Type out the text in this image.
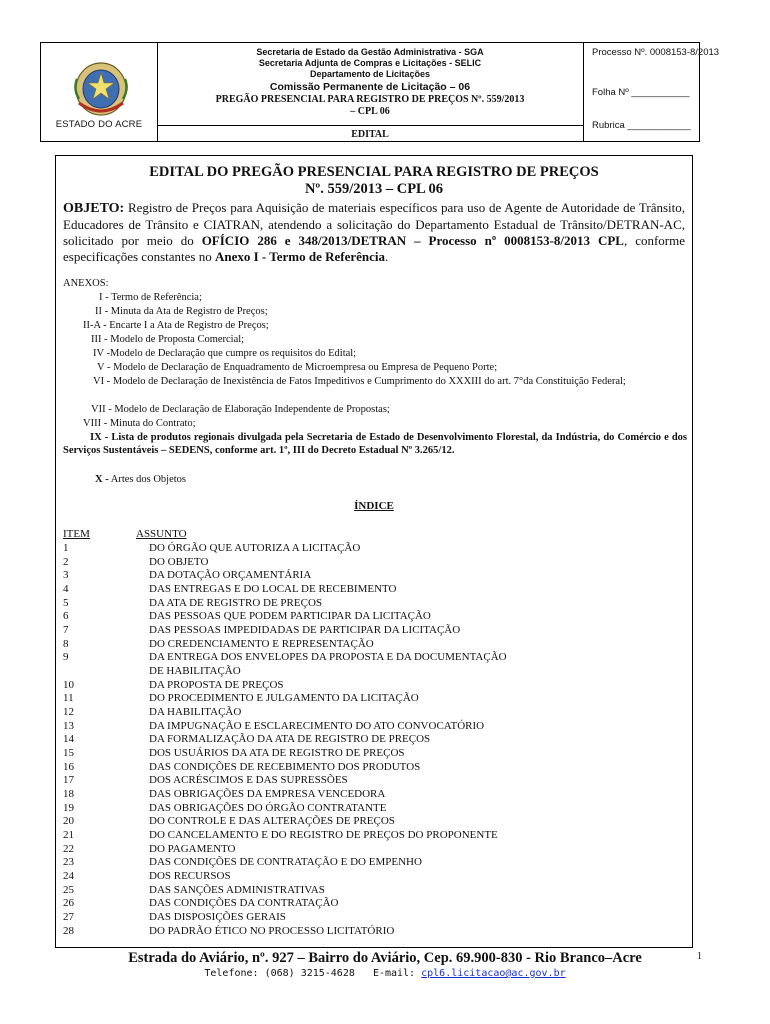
ESTADO DO ACRE
Secretaria de Estado da Gestão Administrativa - SGA
Secretaria Adjunta de Compras e Licitações - SELIC
Departamento de Licitações
Comissão Permanente de Licitação – 06
PREGÃO PRESENCIAL PARA REGISTRO DE PREÇOS Nº. 559/2013
– CPL 06
EDITAL
Processo Nº. 0008153-8/2013
Folha Nº ___________
Rubrica ____________
EDITAL DO PREGÃO PRESENCIAL PARA REGISTRO DE PREÇOS
Nº. 559/2013 – CPL 06
OBJETO: Registro de Preços para Aquisição de materiais específicos para uso de Agente de Autoridade de Trânsito, Educadores de Trânsito e CIATRAN, atendendo a solicitação do Departamento Estadual de Trânsito/DETRAN-AC, solicitado por meio do OFÍCIO 286 e 348/2013/DETRAN – Processo nº 0008153-8/2013 CPL, conforme especificações constantes no Anexo I - Termo de Referência.
ANEXOS:
I - Termo de Referência;
II - Minuta da Ata de Registro de Preços;
II-A - Encarte I a Ata de Registro de Preços;
III - Modelo de Proposta Comercial;
IV -Modelo de Declaração que cumpre os requisitos do Edital;
V - Modelo de Declaração de Enquadramento de Microempresa ou Empresa de Pequeno Porte;
VI - Modelo de Declaração de Inexistência de Fatos Impeditivos e Cumprimento do XXXIII do art. 7°da Constituição Federal;
VII - Modelo de Declaração de Elaboração Independente de Propostas;
VIII - Minuta do Contrato;
IX - Lista de produtos regionais divulgada pela Secretaria de Estado de Desenvolvimento Florestal, da Indústria, do Comércio e dos Serviços Sustentáveis – SEDENS, conforme art. 1º, III do Decreto Estadual Nº 3.265/12.
X - Artes dos Objetos
ÍNDICE
ITEM	ASSUNTO
1	DO ÓRGÃO QUE AUTORIZA A LICITAÇÃO
2	DO OBJETO
3	DA DOTAÇÃO ORÇAMENTÁRIA
4	DAS ENTREGAS E DO LOCAL DE RECEBIMENTO
5	DA ATA DE REGISTRO DE PREÇOS
6	DAS PESSOAS QUE PODEM PARTICIPAR DA LICITAÇÃO
7	DAS PESSOAS IMPEDIDADAS DE PARTICIPAR DA LICITAÇÃO
8	DO CREDENCIAMENTO E REPRESENTAÇÃO
9	DA ENTREGA DOS ENVELOPES DA PROPOSTA E DA DOCUMENTAÇÃO
DE HABILITAÇÃO
10	DA PROPOSTA DE PREÇOS
11	DO PROCEDIMENTO E JULGAMENTO DA LICITAÇÃO
12	DA HABILITAÇÃO
13	DA IMPUGNAÇÃO E ESCLARECIMENTO DO ATO CONVOCATÓRIO
14	DA FORMALIZAÇÃO DA ATA DE REGISTRO DE PREÇOS
15	DOS USUÁRIOS DA ATA DE REGISTRO DE PREÇOS
16	DAS CONDIÇÕES DE RECEBIMENTO DOS PRODUTOS
17	DOS ACRÉSCIMOS E DAS SUPRESSÕES
18	DAS OBRIGAÇÕES DA EMPRESA VENCEDORA
19	DAS OBRIGAÇÕES DO ÓRGÃO CONTRATANTE
20	DO CONTROLE E DAS ALTERAÇÕES DE PREÇOS
21	DO CANCELAMENTO E DO REGISTRO DE PREÇOS DO PROPONENTE
22	DO PAGAMENTO
23	DAS CONDIÇÕES DE CONTRATAÇÃO E DO EMPENHO
24	DOS RECURSOS
25	DAS SANÇÕES ADMINISTRATIVAS
26	DAS CONDIÇÕES DA CONTRATAÇÃO
27	DAS DISPOSIÇÕES GERAIS
28	DO PADRÃO ÉTICO NO PROCESSO LICITATÓRIO
Estrada do Aviário, nº. 927 – Bairro do Aviário, Cep. 69.900-830 - Rio Branco–Acre	1
Telefone: (068) 3215-4628 E-mail: cpl6.licitacao@ac.gov.br
